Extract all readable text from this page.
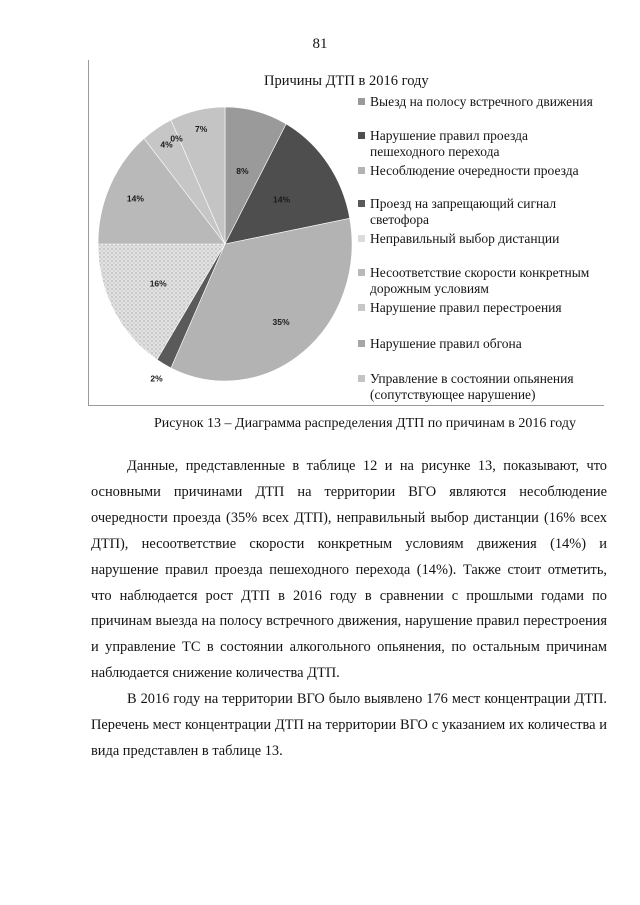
81
Причины ДТП в 2016 году
8%
14%
35%
2%
16%
14%
4%
0%
7%
Выезд на полосу встречного движения
Нарушение правил проезда пешеходного перехода
Несоблюдение очередности проезда
Проезд на запрещающий сигнал светофора
Неправильный выбор дистанции
Несоответствие скорости конкретным дорожным условиям
Нарушение правил перестроения
Нарушение правил обгона
Управление в состоянии опьянения (сопутствующее нарушение)
Рисунок 13 – Диаграмма распределения ДТП по причинам в 2016 году

Данные, представленные в таблице 12 и на рисунке 13, показывают, что основными причинами ДТП на территории ВГО являются несоблюдение очередности проезда (35% всех ДТП), неправильный выбор дистанции (16% всех ДТП), несоответствие скорости конкретным условиям движения (14%) и нарушение правил проезда пешеходного перехода (14%). Также стоит отметить, что наблюдается рост ДТП в 2016 году в сравнении с прошлыми годами по причинам выезда на полосу встречного движения, нарушение правил перестроения и управление ТС в состоянии алкогольного опьянения, по остальным причинам наблюдается снижение количества ДТП.

В 2016 году на территории ВГО было выявлено 176 мест концентрации ДТП. Перечень мест концентрации ДТП на территории ВГО с указанием их количества и вида представлен в таблице 13.
